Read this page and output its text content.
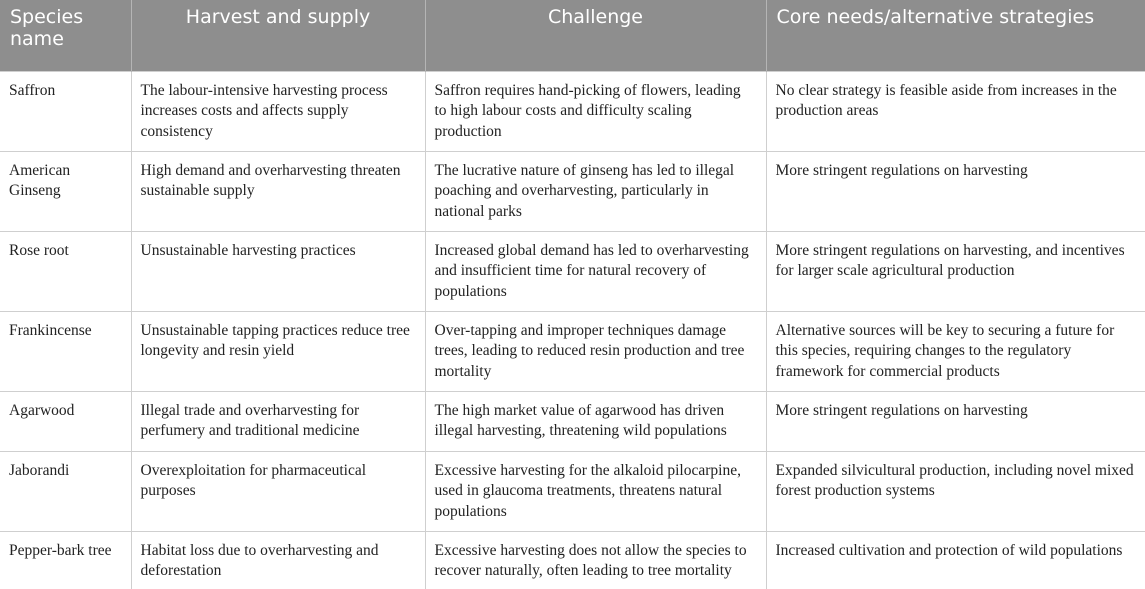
Species name	Harvest and supply	Challenge	Core needs/alternative strategies
Saffron	The labour-intensive harvesting process increases costs and affects supply consistency	Saffron requires hand-picking of flowers, leading to high labour costs and difficulty scaling production	No clear strategy is feasible aside from increases in the production areas
American Ginseng	High demand and overharvesting threaten sustainable supply	The lucrative nature of ginseng has led to illegal poaching and overharvesting, particularly in national parks	More stringent regulations on harvesting
Rose root	Unsustainable harvesting practices	Increased global demand has led to overharvesting and insufficient time for natural recovery of populations	More stringent regulations on harvesting, and incentives for larger scale agricultural production
Frankincense	Unsustainable tapping practices reduce tree longevity and resin yield	Over-tapping and improper techniques damage trees, leading to reduced resin production and tree mortality	Alternative sources will be key to securing a future for this species, requiring changes to the regulatory framework for commercial products
Agarwood	Illegal trade and overharvesting for perfumery and traditional medicine	The high market value of agarwood has driven illegal harvesting, threatening wild populations	More stringent regulations on harvesting
Jaborandi	Overexploitation for pharmaceutical purposes	Excessive harvesting for the alkaloid pilocarpine, used in glaucoma treatments, threatens natural populations	Expanded silvicultural production, including novel mixed forest production systems
Pepper-bark tree	Habitat loss due to overharvesting and deforestation	Excessive harvesting does not allow the species to recover naturally, often leading to tree mortality	Increased cultivation and protection of wild populations
